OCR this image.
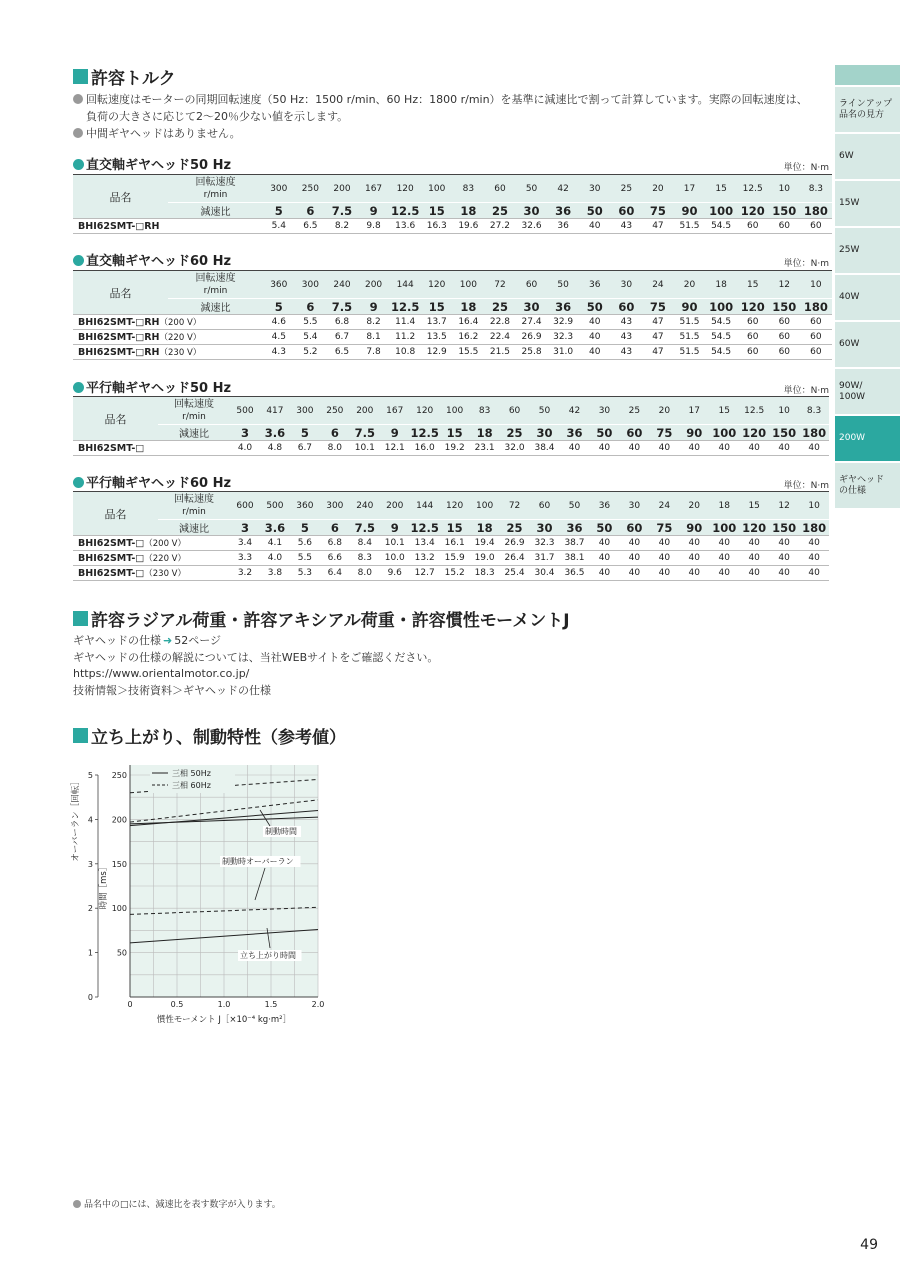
許容トルク
回転速度はモーターの同期回転速度（50 Hz：1500 r/min、60 Hz：1800 r/min）を基準に減速比で割って計算しています。実際の回転速度は、
負荷の大きさに応じて2～20％少ない値を示します。
中間ギヤヘッドはありません。
直交軸ギヤヘッド50 Hz	単位：N·m
品名	回転速度
r/min	300	250	200	167	120	100	83	60	50	42	30	25	20	17	15	12.5	10	8.3
	減速比	5	6	7.5	9	12.5	15	18	25	30	36	50	60	75	90	100	120	150	180
BHI62SMT-□RH		5.4	6.5	8.2	9.8	13.6	16.3	19.6	27.2	32.6	36	40	43	47	51.5	54.5	60	60	60
直交軸ギヤヘッド60 Hz	単位：N·m
品名	回転速度
r/min	360	300	240	200	144	120	100	72	60	50	36	30	24	20	18	15	12	10
	減速比	5	6	7.5	9	12.5	15	18	25	30	36	50	60	75	90	100	120	150	180
BHI62SMT-□RH（200 V）		4.6	5.5	6.8	8.2	11.4	13.7	16.4	22.8	27.4	32.9	40	43	47	51.5	54.5	60	60	60
BHI62SMT-□RH（220 V）		4.5	5.4	6.7	8.1	11.2	13.5	16.2	22.4	26.9	32.3	40	43	47	51.5	54.5	60	60	60
BHI62SMT-□RH（230 V）		4.3	5.2	6.5	7.8	10.8	12.9	15.5	21.5	25.8	31.0	40	43	47	51.5	54.5	60	60	60
平行軸ギヤヘッド50 Hz	単位：N·m
品名	回転速度
r/min	500	417	300	250	200	167	120	100	83	60	50	42	30	25	20	17	15	12.5	10	8.3
	減速比	3	3.6	5	6	7.5	9	12.5	15	18	25	30	36	50	60	75	90	100	120	150	180
BHI62SMT-□		4.0	4.8	6.7	8.0	10.1	12.1	16.0	19.2	23.1	32.0	38.4	40	40	40	40	40	40	40	40	40
平行軸ギヤヘッド60 Hz	単位：N·m
品名	回転速度
r/min	600	500	360	300	240	200	144	120	100	72	60	50	36	30	24	20	18	15	12	10
	減速比	3	3.6	5	6	7.5	9	12.5	15	18	25	30	36	50	60	75	90	100	120	150	180
BHI62SMT-□（200 V）		3.4	4.1	5.6	6.8	8.4	10.1	13.4	16.1	19.4	26.9	32.3	38.7	40	40	40	40	40	40	40	40
BHI62SMT-□（220 V）		3.3	4.0	5.5	6.6	8.3	10.0	13.2	15.9	19.0	26.4	31.7	38.1	40	40	40	40	40	40	40	40
BHI62SMT-□（230 V）		3.2	3.8	5.3	6.4	8.0	9.6	12.7	15.2	18.3	25.4	30.4	36.5	40	40	40	40	40	40	40	40
許容ラジアル荷重・許容アキシアル荷重・許容慣性モーメントJ
ギヤヘッドの仕様 ➜ 52ページ
ギヤヘッドの仕様の解説については、当社WEBサイトをご確認ください。
https://www.orientalmotor.co.jp/
技術情報＞技術資料＞ギヤヘッドの仕様
立ち上がり、制動特性（参考値）
0	0.5	1.0	1.5	2.0
50
100
150
200
250
0
1
2
3
4
5
慣性モーメント J［×10⁻⁴ kg·m²］
時間［ms］
オーバーラン［回転］
三相 50Hz
三相 60Hz
制動時間
制動時オーバーラン
立ち上がり時間
ラインアップ
品名の見方
6W
15W
25W
40W
60W
90W/
100W
200W
ギヤヘッド
の仕様
品名中の□には、減速比を表す数字が入ります。
49
